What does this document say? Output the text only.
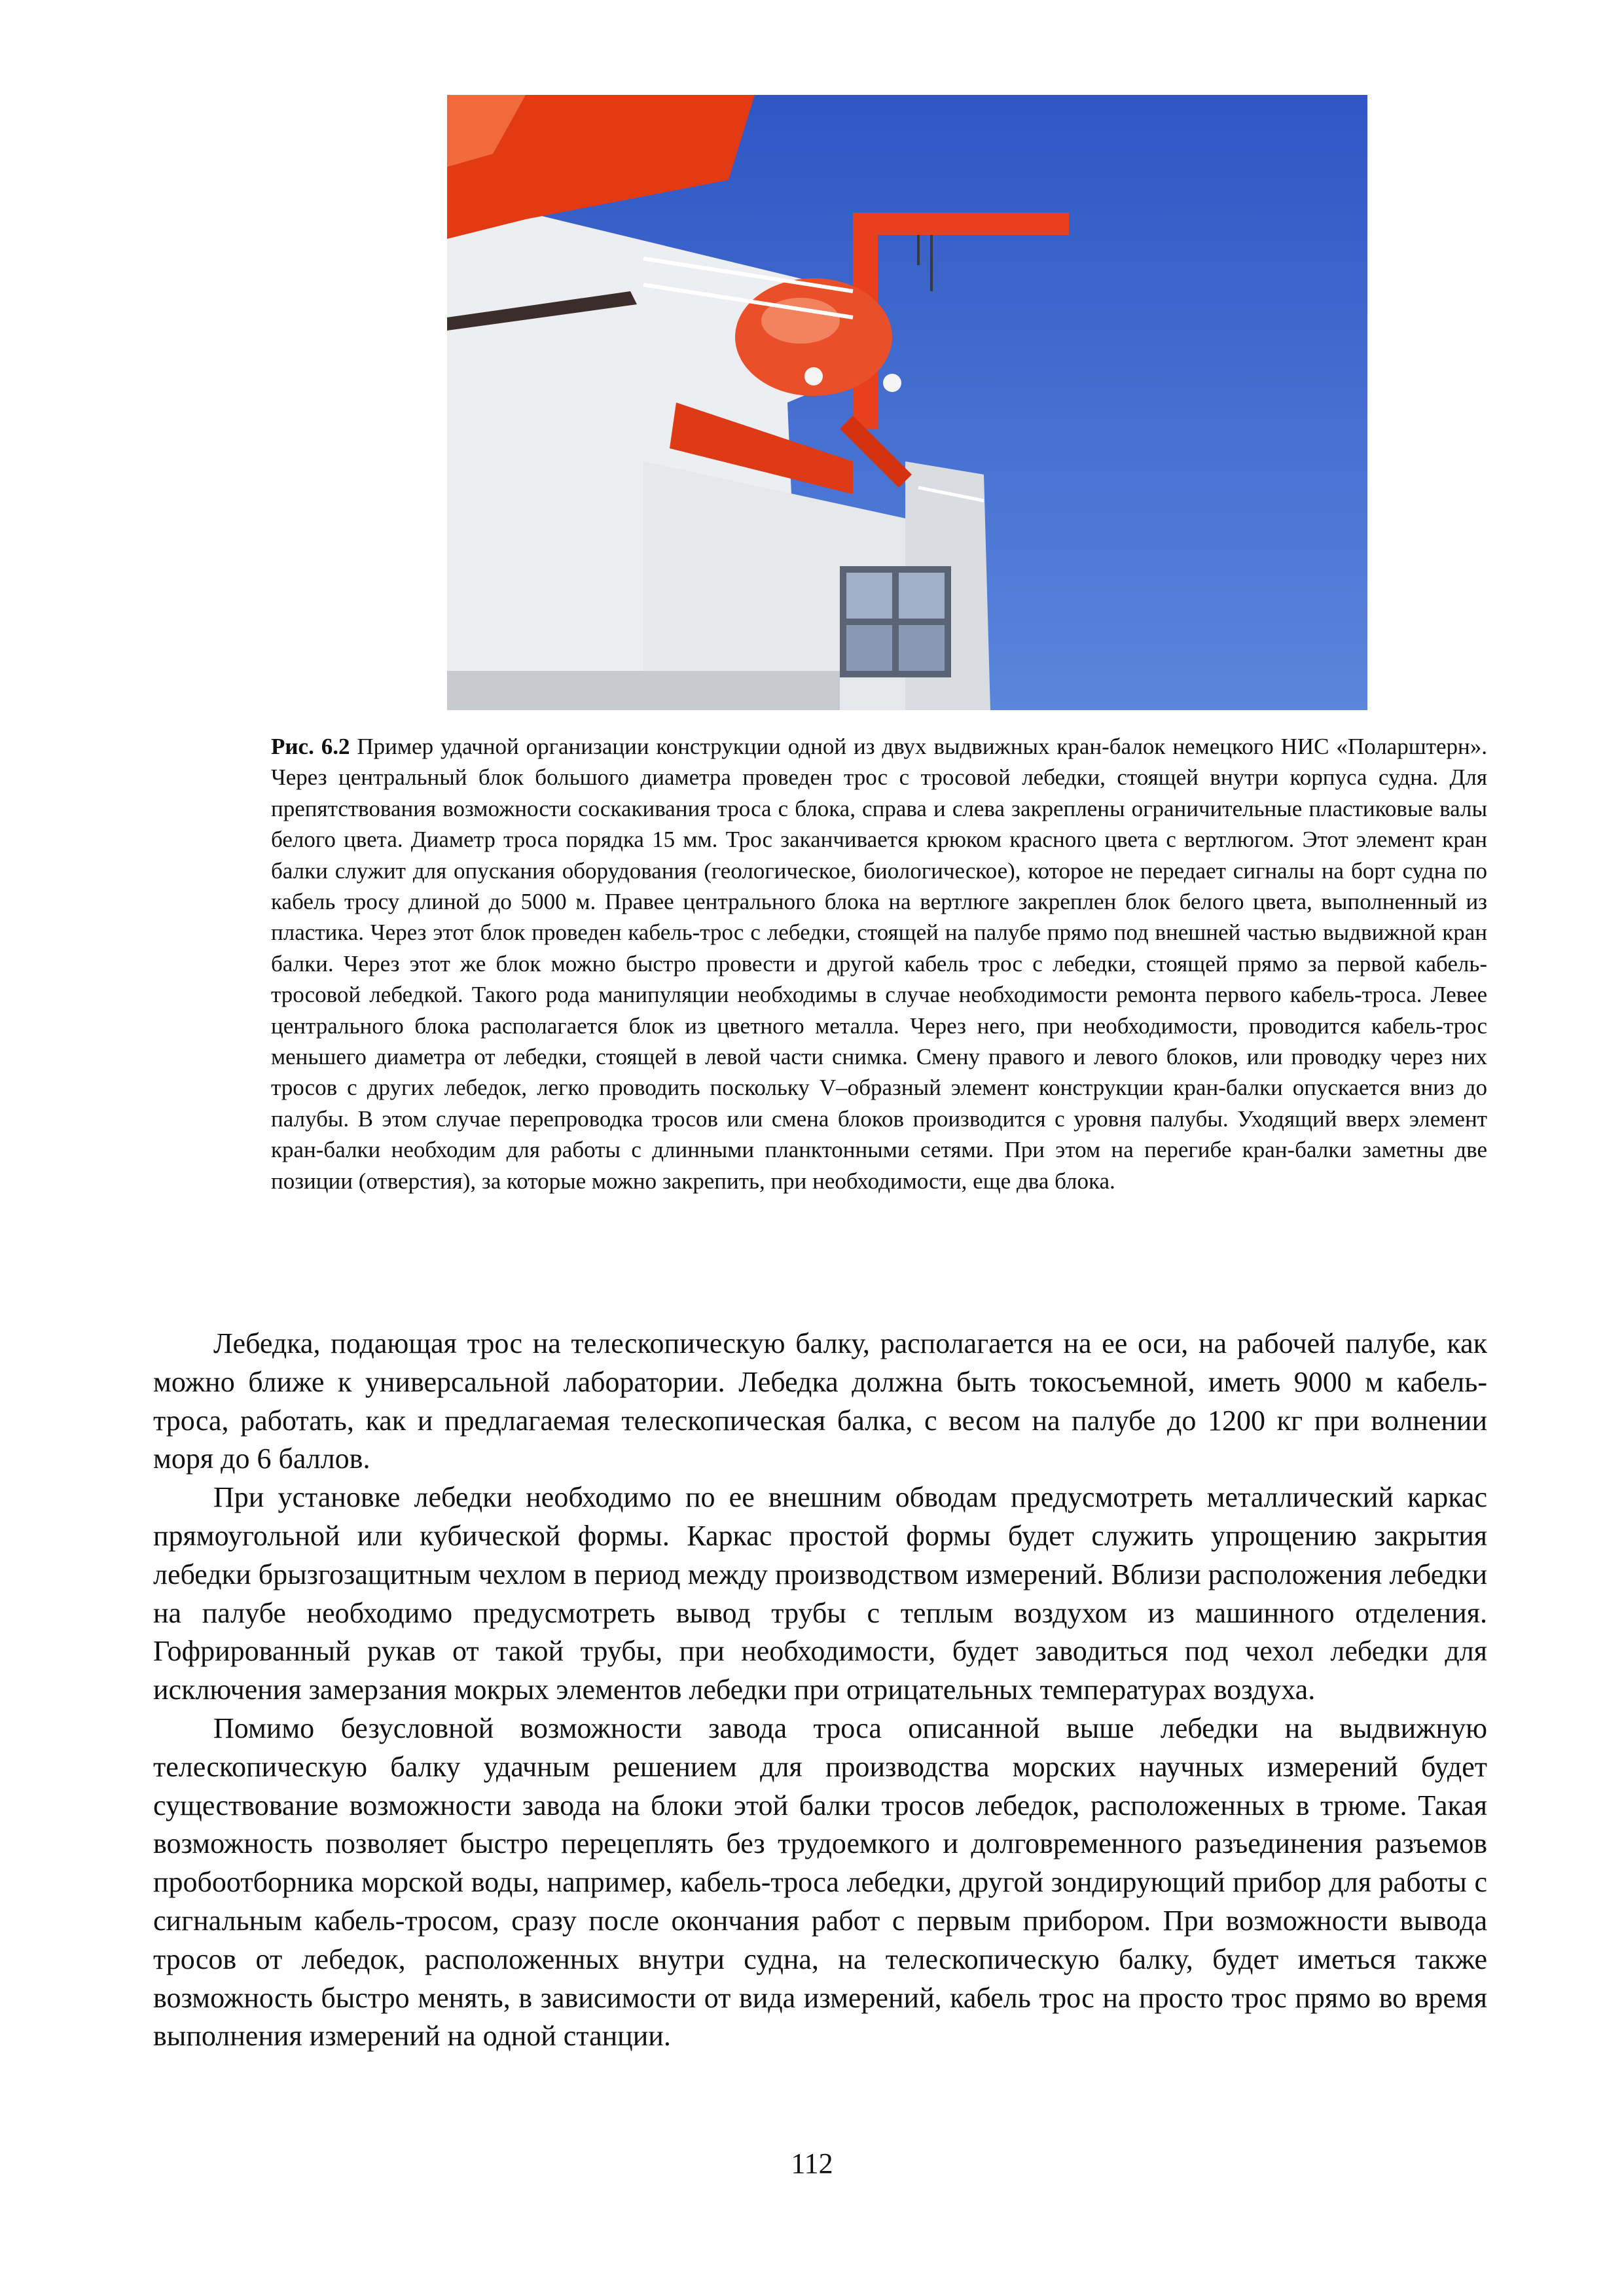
Рис. 6.2 Пример удачной организации конструкции одной из двух выдвижных кран-балок немецкого НИС «Поларштерн». Через центральный блок большого диаметра проведен трос с тросовой лебедки, стоящей внутри корпуса судна. Для препятствования возможности соскакивания троса с блока, справа и слева закреплены ограничительные пластиковые валы белого цвета. Диаметр троса порядка 15 мм. Трос заканчивается крюком красного цвета с вертлюгом. Этот элемент кран балки служит для опускания оборудования (геологическое, биологическое), которое не передает сигналы на борт судна по кабель тросу длиной до 5000 м. Правее центрального блока на вертлюге закреплен блок белого цвета, выполненный из пластика. Через этот блок проведен кабель-трос с лебедки, стоящей на палубе прямо под внешней частью выдвижной кран балки. Через этот же блок можно быстро провести и другой кабель трос с лебедки, стоящей прямо за первой кабель-тросовой лебедкой. Такого рода манипуляции необходимы в случае необходимости ремонта первого кабель-троса. Левее центрального блока располагается блок из цветного металла. Через него, при необходимости, проводится кабель-трос меньшего диаметра от лебедки, стоящей в левой части снимка. Смену правого и левого блоков, или проводку через них тросов с других лебедок, легко проводить поскольку V–образный элемент конструкции кран-балки опускается вниз до палубы. В этом случае перепроводка тросов или смена блоков производится с уровня палубы. Уходящий вверх элемент кран-балки необходим для работы с длинными планктонными сетями. При этом на перегибе кран-балки заметны две позиции (отверстия), за которые можно закрепить, при необходимости, еще два блока.

Лебедка, подающая трос на телескопическую балку, располагается на ее оси, на рабочей палубе, как можно ближе к универсальной лаборатории. Лебедка должна быть токосъемной, иметь 9000 м кабель-троса, работать, как и предлагаемая телескопическая балка, с весом на палубе до 1200 кг при волнении моря до 6 баллов.

При установке лебедки необходимо по ее внешним обводам предусмотреть металлический каркас прямоугольной или кубической формы. Каркас простой формы будет служить упрощению закрытия лебедки брызгозащитным чехлом в период между производством измерений. Вблизи расположения лебедки на палубе необходимо предусмотреть вывод трубы с теплым воздухом из машинного отделения. Гофрированный рукав от такой трубы, при необходимости, будет заводиться под чехол лебедки для исключения замерзания мокрых элементов лебедки при отрицательных температурах воздуха.

Помимо безусловной возможности завода троса описанной выше лебедки на выдвижную телескопическую балку удачным решением для производства морских научных измерений будет существование возможности завода на блоки этой балки тросов лебедок, расположенных в трюме. Такая возможность позволяет быстро перецеплять без трудоемкого и долговременного разъединения разъемов пробоотборника морской воды, например, кабель-троса лебедки, другой зондирующий прибор для работы с сигнальным кабель-тросом, сразу после окончания работ с первым прибором. При возможности вывода тросов от лебедок, расположенных внутри судна, на телескопическую балку, будет иметься также возможность быстро менять, в зависимости от вида измерений, кабель трос на просто трос прямо во время выполнения измерений на одной станции.

112
